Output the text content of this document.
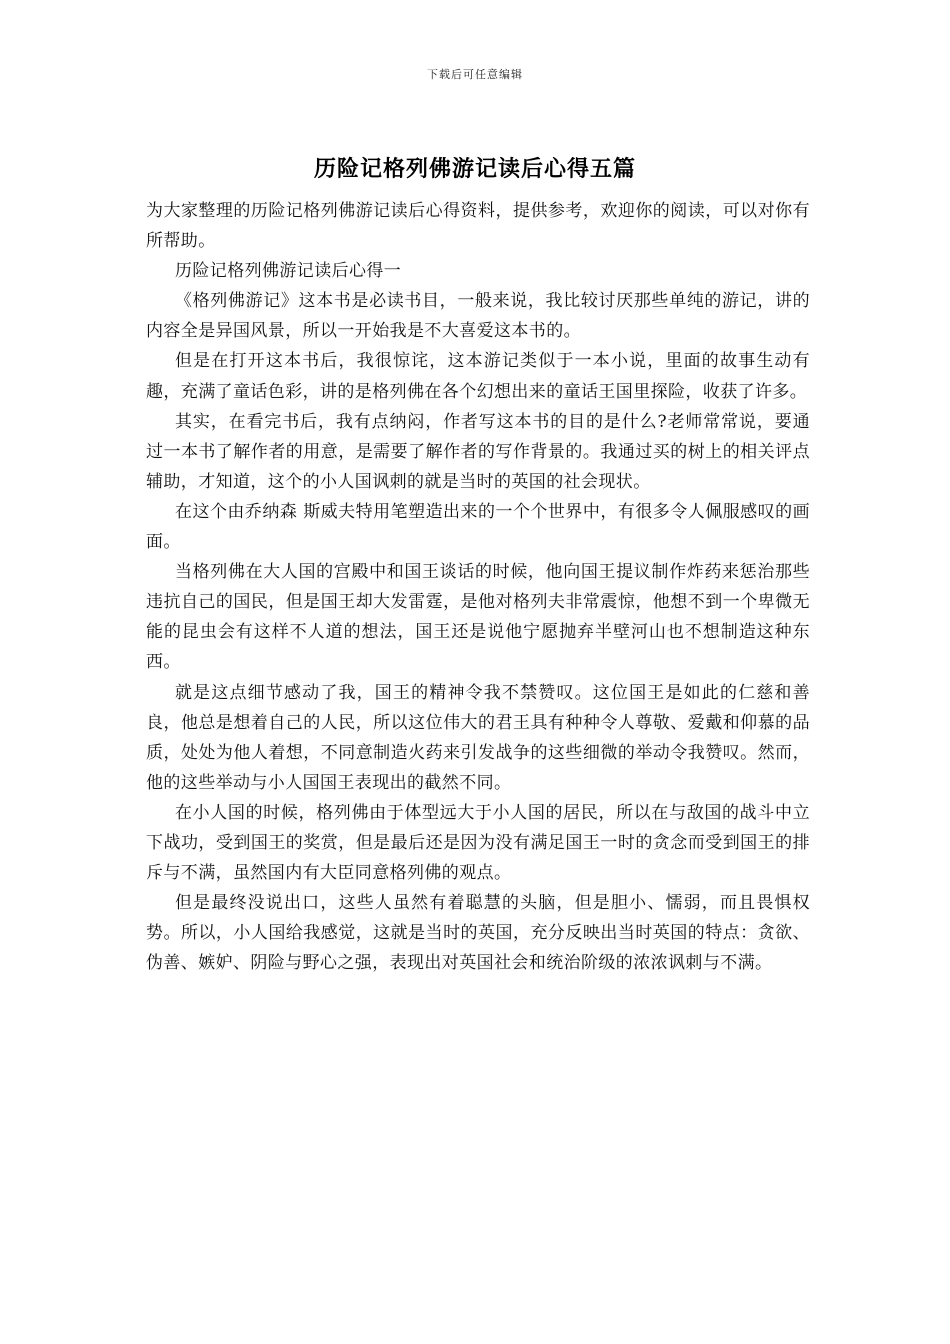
下载后可任意编辑
历险记格列佛游记读后心得五篇

为大家整理的历险记格列佛游记读后心得资料，提供参考，欢迎你的阅读，可以对你有所帮助。

历险记格列佛游记读后心得一

《格列佛游记》这本书是必读书目，一般来说，我比较讨厌那些单纯的游记，讲的内容全是异国风景，所以一开始我是不大喜爱这本书的。

但是在打开这本书后，我很惊诧，这本游记类似于一本小说，里面的故事生动有趣，充满了童话色彩，讲的是格列佛在各个幻想出来的童话王国里探险，收获了许多。

其实，在看完书后，我有点纳闷，作者写这本书的目的是什么?老师常常说，要通过一本书了解作者的用意，是需要了解作者的写作背景的。我通过买的树上的相关评点辅助，才知道，这个的小人国讽刺的就是当时的英国的社会现状。

在这个由乔纳森 斯威夫特用笔塑造出来的一个个世界中，有很多令人佩服感叹的画面。

当格列佛在大人国的宫殿中和国王谈话的时候，他向国王提议制作炸药来惩治那些违抗自己的国民，但是国王却大发雷霆，是他对格列夫非常震惊，他想不到一个卑微无能的昆虫会有这样不人道的想法，国王还是说他宁愿抛弃半壁河山也不想制造这种东西。

就是这点细节感动了我，国王的精神令我不禁赞叹。这位国王是如此的仁慈和善良，他总是想着自己的人民，所以这位伟大的君王具有种种令人尊敬、爱戴和仰慕的品质，处处为他人着想，不同意制造火药来引发战争的这些细微的举动令我赞叹。然而，他的这些举动与小人国国王表现出的截然不同。

在小人国的时候，格列佛由于体型远大于小人国的居民，所以在与敌国的战斗中立下战功，受到国王的奖赏，但是最后还是因为没有满足国王一时的贪念而受到国王的排斥与不满，虽然国内有大臣同意格列佛的观点。

但是最终没说出口，这些人虽然有着聪慧的头脑，但是胆小、懦弱，而且畏惧权势。所以，小人国给我感觉，这就是当时的英国，充分反映出当时英国的特点：贪欲、伪善、嫉妒、阴险与野心之强，表现出对英国社会和统治阶级的浓浓讽刺与不满。
